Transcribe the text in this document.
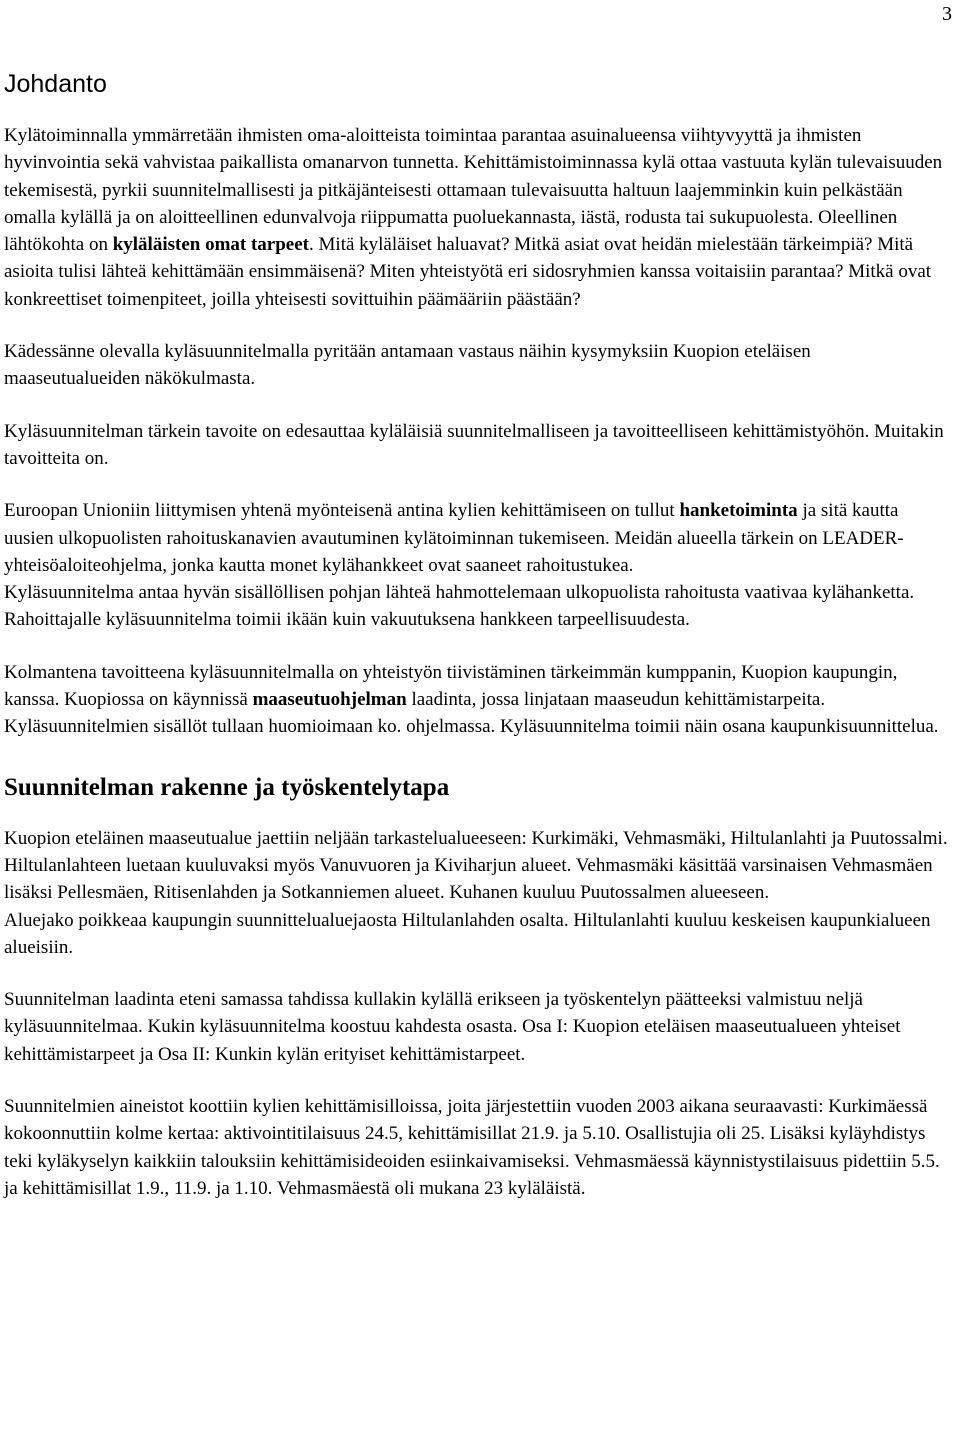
3
Johdanto

Kylätoiminnalla ymmärretään ihmisten oma-aloitteista toimintaa parantaa asuinalueensa viihtyvyyttä ja ihmisten hyvinvointia sekä vahvistaa paikallista omanarvon tunnetta. Kehittämistoiminnassa kylä ottaa vastuuta kylän tulevaisuuden tekemisestä, pyrkii suunnitelmallisesti ja pitkäjänteisesti ottamaan tulevaisuutta haltuun laajemminkin kuin pelkästään omalla kylällä ja on aloitteellinen edunvalvoja riippumatta puoluekannasta, iästä, rodusta tai sukupuolesta. Oleellinen lähtökohta on kyläläisten omat tarpeet. Mitä kyläläiset haluavat? Mitkä asiat ovat heidän mielestään tärkeimpiä? Mitä asioita tulisi lähteä kehittämään ensimmäisenä? Miten yhteistyötä eri sidosryhmien kanssa voitaisiin parantaa? Mitkä ovat konkreettiset toimenpiteet, joilla yhteisesti sovittuihin päämääriin päästään?

Kädessänne olevalla kyläsuunnitelmalla pyritään antamaan vastaus näihin kysymyksiin Kuopion eteläisen maaseutualueiden näkökulmasta.

Kyläsuunnitelman tärkein tavoite on edesauttaa kyläläisiä suunnitelmalliseen ja tavoitteelliseen kehittämistyöhön. Muitakin tavoitteita on.

Euroopan Unioniin liittymisen yhtenä myönteisenä antina kylien kehittämiseen on tullut hanketoiminta ja sitä kautta uusien ulkopuolisten rahoituskanavien avautuminen kylätoiminnan tukemiseen. Meidän alueella tärkein on LEADER-yhteisöaloiteohjelma, jonka kautta monet kylähankkeet ovat saaneet rahoitustukea.

Kyläsuunnitelma antaa hyvän sisällöllisen pohjan lähteä hahmottelemaan ulkopuolista rahoitusta vaativaa kylähanketta. Rahoittajalle kyläsuunnitelma toimii ikään kuin vakuutuksena hankkeen tarpeellisuudesta.

Kolmantena tavoitteena kyläsuunnitelmalla on yhteistyön tiivistäminen tärkeimmän kumppanin, Kuopion kaupungin, kanssa. Kuopiossa on käynnissä maaseutuohjelman laadinta, jossa linjataan maaseudun kehittämistarpeita. Kyläsuunnitelmien sisällöt tullaan huomioimaan ko. ohjelmassa. Kyläsuunnitelma toimii näin osana kaupunkisuunnittelua.

Suunnitelman rakenne ja työskentelytapa

Kuopion eteläinen maaseutualue jaettiin neljään tarkastelualueeseen: Kurkimäki, Vehmasmäki, Hiltulanlahti ja Puutossalmi. Hiltulanlahteen luetaan kuuluvaksi myös Vanuvuoren ja Kiviharjun alueet. Vehmasmäki käsittää varsinaisen Vehmasmäen lisäksi Pellesmäen, Ritisenlahden ja Sotkanniemen alueet. Kuhanen kuuluu Puutossalmen alueeseen.

Aluejako poikkeaa kaupungin suunnittelualuejaosta Hiltulanlahden osalta. Hiltulanlahti kuuluu keskeisen kaupunkialueen alueisiin.

Suunnitelman laadinta eteni samassa tahdissa kullakin kylällä erikseen ja työskentelyn päätteeksi valmistuu neljä kyläsuunnitelmaa. Kukin kyläsuunnitelma koostuu kahdesta osasta. Osa I: Kuopion eteläisen maaseutualueen yhteiset kehittämistarpeet ja Osa II: Kunkin kylän erityiset kehittämistarpeet.

Suunnitelmien aineistot koottiin kylien kehittämisilloissa, joita järjestettiin vuoden 2003 aikana seuraavasti: Kurkimäessä kokoonnuttiin kolme kertaa: aktivointitilaisuus 24.5, kehittämisillat 21.9. ja 5.10. Osallistujia oli 25. Lisäksi kyläyhdistys teki kyläkyselyn kaikkiin talouksiin kehittämisideoiden esiinkaivamiseksi. Vehmasmäessä käynnistystilaisuus pidettiin 5.5. ja kehittämisillat 1.9., 11.9. ja 1.10. Vehmasmäestä oli mukana 23 kyläläistä.
